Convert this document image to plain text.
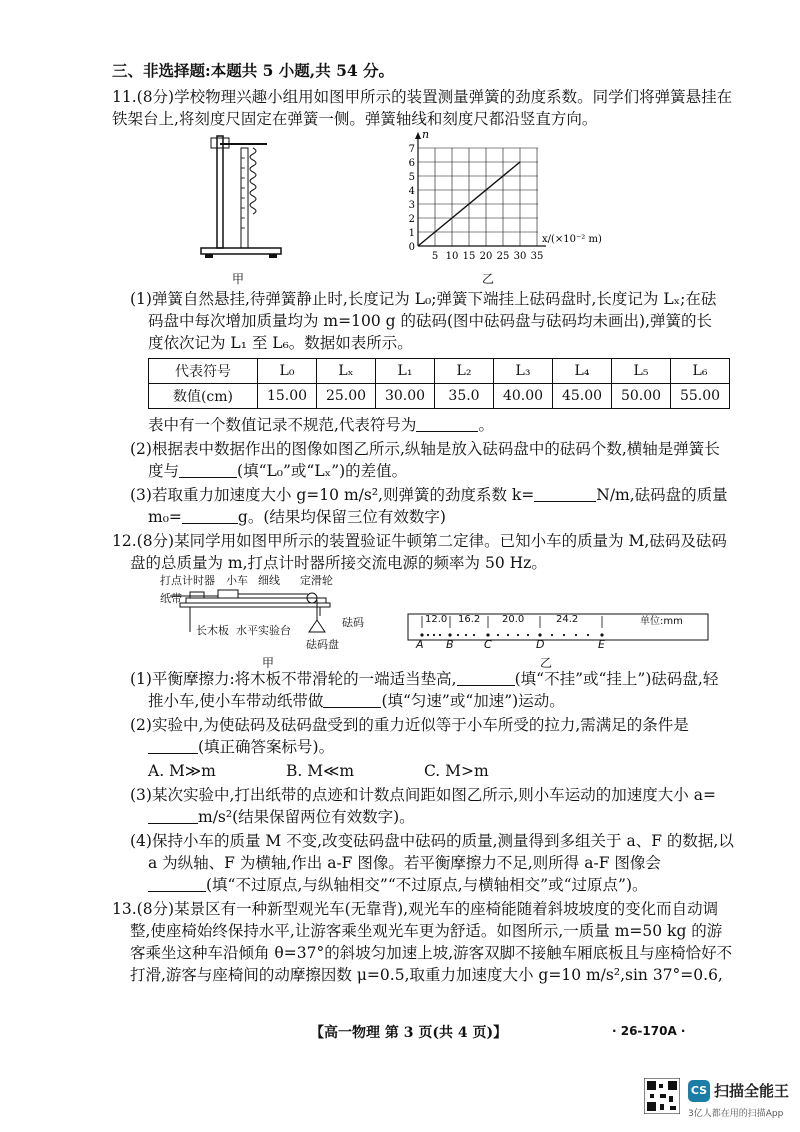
三、非选择题:本题共 5 小题,共 54 分。
11.(8分)学校物理兴趣小组用如图甲所示的装置测量弹簧的劲度系数。同学们将弹簧悬挂在
铁架台上,将刻度尺固定在弹簧一侧。弹簧轴线和刻度尺都沿竖直方向。
甲
n
x/(×10⁻² m)
0
1
2
3
4
5
6
7
5 10 15 20 25 30 35
乙
(1)弹簧自然悬挂,待弹簧静止时,长度记为 L₀;弹簧下端挂上砝码盘时,长度记为 Lₓ;在砝
码盘中每次增加质量均为 m=100 g 的砝码(图中砝码盘与砝码均未画出),弹簧的长
度依次记为 L₁ 至 L₆。数据如表所示。
代表符号	L₀	Lₓ	L₁	L₂	L₃	L₄	L₅	L₆
数值(cm)	15.00	25.00	30.00	35.0	40.00	45.00	50.00	55.00
表中有一个数值记录不规范,代表符号为	。
(2)根据表中数据作出的图像如图乙所示,纵轴是放入砝码盘中的砝码个数,横轴是弹簧长
度与	(填“L₀”或“Lₓ”)的差值。
(3)若取重力加速度大小 g=10 m/s²,则弹簧的劲度系数 k=	N/m,砝码盘的质量
m₀=	g。(结果均保留三位有效数字)
12.(8分)某同学用如图甲所示的装置验证牛顿第二定律。已知小车的质量为 M,砝码及砝码
盘的总质量为 m,打点计时器所接交流电源的频率为 50 Hz。
打点计时器 小车 细线 定滑轮
纸带
砝码
长木板 水平实验台
砝码盘
甲
12.0 16.2 20.0	24.2	单位:mm
A B	C	D	E
乙
(1)平衡摩擦力:将木板不带滑轮的一端适当垫高,	(填“不挂”或“挂上”)砝码盘,轻
推小车,使小车带动纸带做	(填“匀速”或“加速”)运动。
(2)实验中,为使砝码及砝码盘受到的重力近似等于小车所受的拉力,需满足的条件是
(填正确答案标号)。
A. M≫m	B. M≪m	C. M>m
(3)某次实验中,打出纸带的点迹和计数点间距如图乙所示,则小车运动的加速度大小 a=
m/s²(结果保留两位有效数字)。
(4)保持小车的质量 M 不变,改变砝码盘中砝码的质量,测量得到多组关于 a、F 的数据,以
a 为纵轴、F 为横轴,作出 a-F 图像。若平衡摩擦力不足,则所得 a-F 图像会
(填“不过原点,与纵轴相交”“不过原点,与横轴相交”或“过原点”)。
13.(8分)某景区有一种新型观光车(无靠背),观光车的座椅能随着斜坡坡度的变化而自动调
整,使座椅始终保持水平,让游客乘坐观光车更为舒适。如图所示,一质量 m=50 kg 的游
客乘坐这种车沿倾角 θ=37°的斜坡匀加速上坡,游客双脚不接触车厢底板且与座椅恰好不
打滑,游客与座椅间的动摩擦因数 μ=0.5,取重力加速度大小 g=10 m/s²,sin 37°=0.6,
【高一物理 第 3 页(共 4 页)】	· 26-170A ·
CS 扫描全能王
3亿人都在用的扫描App
